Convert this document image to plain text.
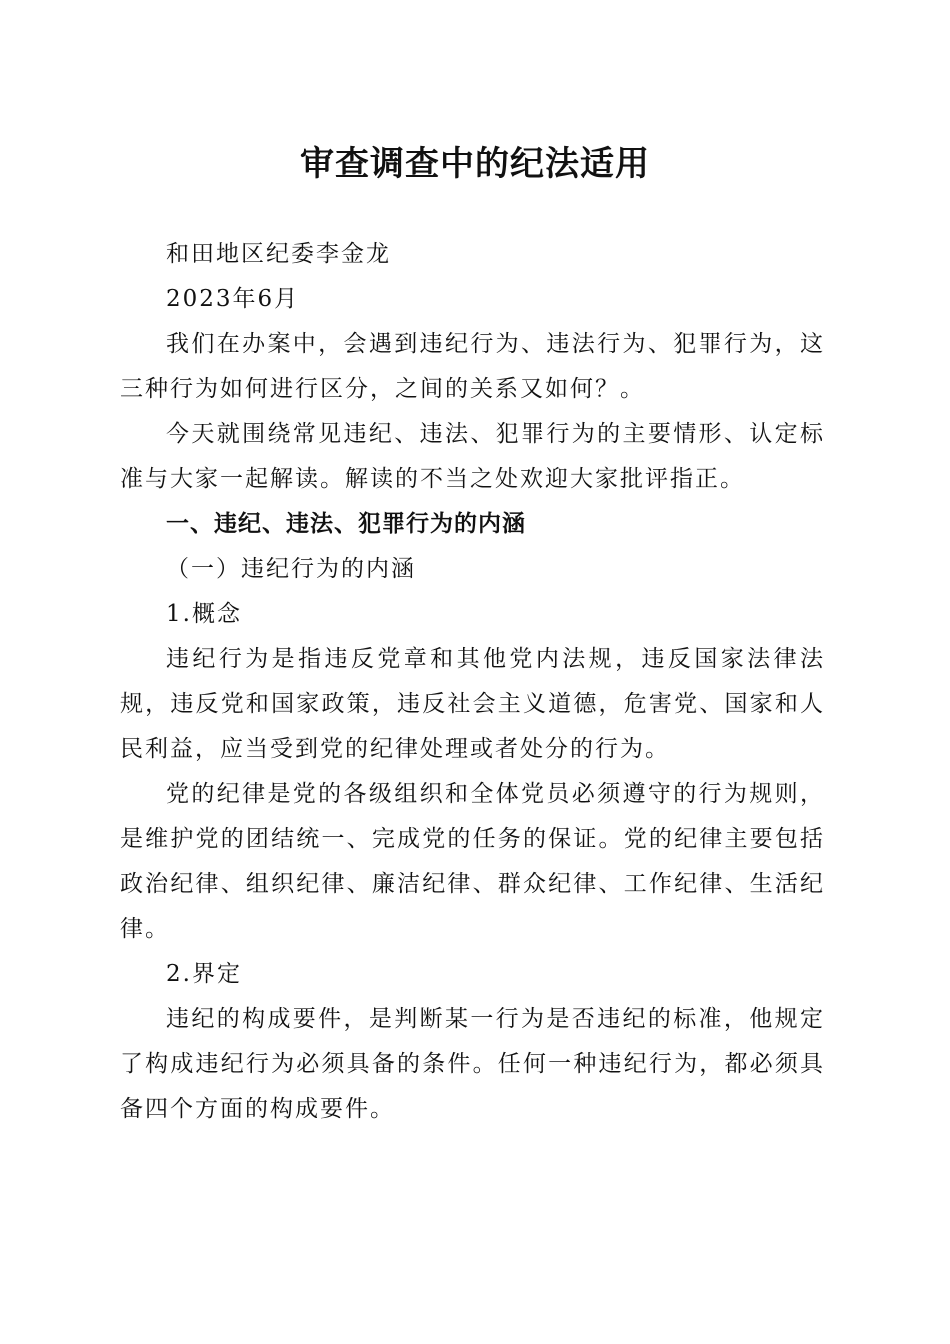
审查调查中的纪法适用

和田地区纪委李金龙

2023年6月

我们在办案中，会遇到违纪行为、违法行为、犯罪行为，这三种行为如何进行区分，之间的关系又如何？。

今天就围绕常见违纪、违法、犯罪行为的主要情形、认定标准与大家一起解读。解读的不当之处欢迎大家批评指正。

一、违纪、违法、犯罪行为的内涵

（一）违纪行为的内涵

1.概念

违纪行为是指违反党章和其他党内法规，违反国家法律法规，违反党和国家政策，违反社会主义道德，危害党、国家和人民利益，应当受到党的纪律处理或者处分的行为。

党的纪律是党的各级组织和全体党员必须遵守的行为规则，是维护党的团结统一、完成党的任务的保证。党的纪律主要包括政治纪律、组织纪律、廉洁纪律、群众纪律、工作纪律、生活纪律。

2.界定

违纪的构成要件，是判断某一行为是否违纪的标准，他规定了构成违纪行为必须具备的条件。任何一种违纪行为，都必须具备四个方面的构成要件。
